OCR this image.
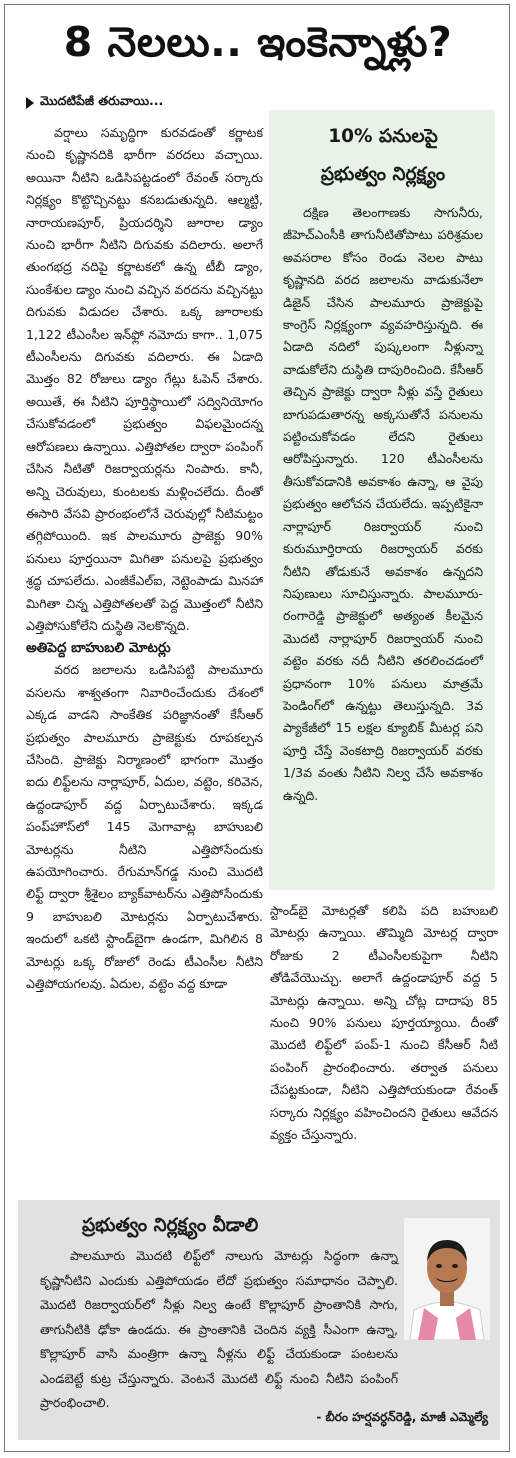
8 నెలలు.. ఇంకెన్నాళ్లు?
మొదటిపేజీ తరువాయి...

వర్షాలు సమృద్ధిగా కురవడంతో కర్ణాటక నుంచి కృష్ణానదికి భారీగా వరదలు వచ్చాయి. అయినా నీటిని ఒడిసిపట్టడంలో రేవంత్ సర్కారు నిర్లక్ష్యం కొట్టొచ్చినట్టు కనబడుతున్నది. ఆల్మట్టి, నారాయణపూర్, ప్రియదర్శిని జూరాల డ్యాం నుంచి భారీగా నీటిని దిగువకు వదిలారు. అలాగే తుంగభద్ర నదిపై కర్ణాటకలో ఉన్న టీబీ డ్యాం, సుంకేశుల డ్యాం నుంచి వచ్చిన వరదను వచ్చినట్టు దిగువకు విడుదల చేశారు. ఒక్క జూరాలకు 1,122 టీఎంసీల ఇన్‌ఫ్లో నమోదు కాగా.. 1,075 టీఎంసీలను దిగువకు వదిలారు. ఈ ఏడాది మొత్తం 82 రోజులు డ్యాం గేట్లు ఓపెన్ చేశారు. అయితే, ఈ నీటిని పూర్తిస్థాయిలో సద్వినియోగం చేసుకోవడంలో ప్రభుత్వం విఫలమైందన్న ఆరోపణలు ఉన్నాయి. ఎత్తిపోతల ద్వారా పంపింగ్ చేసిన నీటితో రిజర్వాయర్లను నింపారు. కానీ, అన్ని చెరువులు, కుంటలకు మళ్లించలేదు. దీంతో ఈసారి వేసవి ప్రారంభంలోనే చెరువుల్లో నీటిమట్టం తగ్గిపోయింది. ఇక పాలమూరు ప్రాజెక్టు 90% పనులు పూర్తయినా మిగితా పనులపై ప్రభుత్వం శ్రద్ధ చూపలేదు. ఎంజీకేఎల్ఐ, నెట్టెంపాడు మినహా మిగితా చిన్న ఎత్తిపోతలతో పెద్ద మొత్తంలో నీటిని ఎత్తిపోసుకోలేని దుస్థితి నెలకొన్నది.

అతిపెద్ద బాహుబలి మోటర్లు

వరద జలాలను ఒడిసిపట్టి పాలమూరు వసలను శాశ్వతంగా నివారించేందుకు దేశంలో ఎక్కడ వాడని సాంకేతిక పరిజ్ఞానంతో కేసీఆర్ ప్రభుత్వం పాలమూరు ప్రాజెక్టుకు రూపకల్పన చేసింది. ప్రాజెక్టు నిర్మాణంలో భాగంగా మొత్తం ఐదు లిఫ్ట్‌లను నార్లాపూర్, ఏదుల, వట్టెం, కరివెన, ఉద్దండాపూర్ వద్ద ఏర్పాటుచేశారు. ఇక్కడ పంప్‌హౌస్‌లో 145 మెగావాట్ల బాహుబలి మోటర్లను నీటిని ఎత్తిపోసేందుకు ఉపయోగించారు. రేగుమాన్‌గడ్డ నుంచి మొదటి లిఫ్ట్ ద్వారా శ్రీశైలం బ్యాక్‌వాటర్‌ను ఎత్తిపోసేందుకు 9 బాహుబలి మోటర్లను ఏర్పాటుచేశారు. ఇందులో ఒకటి స్టాండ్‌బైగా ఉండగా, మిగిలిన 8 మోటర్లు ఒక్క రోజులో రెండు టీఎంసీల నీటిని ఎత్తిపోయగలవు. ఏదుల, వట్టెం వద్ద కూడా

10% పనులపై
ప్రభుత్వం నిర్లక్ష్యం

దక్షిణ తెలంగాణకు సాగునీరు, జీహెచ్ఎంసీకి తాగునీటితోపాటు పరిశ్రమల అవసరాల కోసం రెండు నెలల పాటు కృష్ణానది వరద జలాలను వాడుకునేలా డిజైన్ చేసిన పాలమూరు ప్రాజెక్టుపై కాంగ్రెస్ నిర్లక్ష్యంగా వ్యవహరిస్తున్నది. ఈ ఏడాది నదిలో పుష్కలంగా నీళ్లున్నా వాడుకోలేని దుస్థితి దాపురించింది. కేసీఆర్ తెచ్చిన ప్రాజెక్టు ద్వారా నీళ్లు వస్తే రైతులు బాగుపడుతారన్న అక్కసుతోనే పనులను పట్టించుకోవడం లేదని రైతులు ఆరోపిస్తున్నారు. 120 టీఎంసీలను తీసుకోవడానికి అవకాశం ఉన్నా, ఆ వైపు ప్రభుత్వం ఆలోచన చేయలేదు. ఇప్పటికైనా నార్లాపూర్ రిజర్వాయర్ నుంచి కురుమూర్తిరాయ రిజర్వాయర్ వరకు నీటిని తోడుకునే అవకాశం ఉన్నదని నిపుణులు సూచిస్తున్నారు. పాలమూరు-రంగారెడ్డి ప్రాజెక్టులో అత్యంత కీలమైన మొదటి నార్లాపూర్ రిజర్వాయర్ నుంచి వట్టెం వరకు నదీ నీటిని తరలించడంలో ప్రధానంగా 10% పనులు మాత్రమే పెండింగ్‌లో ఉన్నట్టు తెలుస్తున్నది. 3వ ప్యాకేజీలో 15 లక్షల క్యూబిక్ మీటర్ల పని పూర్తి చేస్తే వెంకటాద్రి రిజర్వాయర్ వరకు 1/3వ వంతు నీటిని నిల్వ చేసే అవకాశం ఉన్నది.

స్టాండ్‌బై మోటర్లతో కలిపి పది బహుబలి మోటర్లు ఉన్నాయి. తొమ్మిది మోటర్ల ద్వారా రోజుకు 2 టీఎంసీలకుపైగా నీటిని తోడివేయొచ్చు. అలాగే ఉద్దండాపూర్ వద్ద 5 మోటర్లు ఉన్నాయి. అన్ని చోట్ల దాదాపు 85 నుంచి 90% పనులు పూర్తయ్యాయి. దీంతో మొదటి లిఫ్ట్‌లో పంప్-1 నుంచి కేసీఆర్ నీటి పంపింగ్ ప్రారంభించారు. తర్వాత పనులు చేపట్టకుండా, నీటిని ఎత్తిపోయకుండా రేవంత్ సర్కారు నిర్లక్ష్యం వహించిందని రైతులు ఆవేదన వ్యక్తం చేస్తున్నారు.

ప్రభుత్వం నిర్లక్ష్యం వీడాలి

పాలమూరు మొదటి లిఫ్ట్‌లో నాలుగు మోటర్లు సిద్ధంగా ఉన్నా కృష్ణానీటిని ఎందుకు ఎత్తిపోయడం లేదో ప్రభుత్వం సమాధానం చెప్పాలి. మొదటి రిజర్వాయర్‌లో నీళ్లు నిల్వ ఉంటే కొల్లాపూర్ ప్రాంతానికి సాగు, తాగునీటికి ఢోకా ఉండదు. ఈ ప్రాంతానికి చెందిన వ్యక్తి సీఎంగా ఉన్నా, కొల్లాపూర్ వాసి మంత్రిగా ఉన్నా నీళ్లను లిఫ్ట్ చేయకుండా పంటలను ఎండబెట్టే కుట్ర చేస్తున్నారు. వెంటనే మొదటి లిఫ్ట్ నుంచి నీటిని పంపింగ్ ప్రారంభించాలి.

- బీరం హర్షవర్ధన్‌రెడ్డి, మాజీ ఎమ్మెల్యే
